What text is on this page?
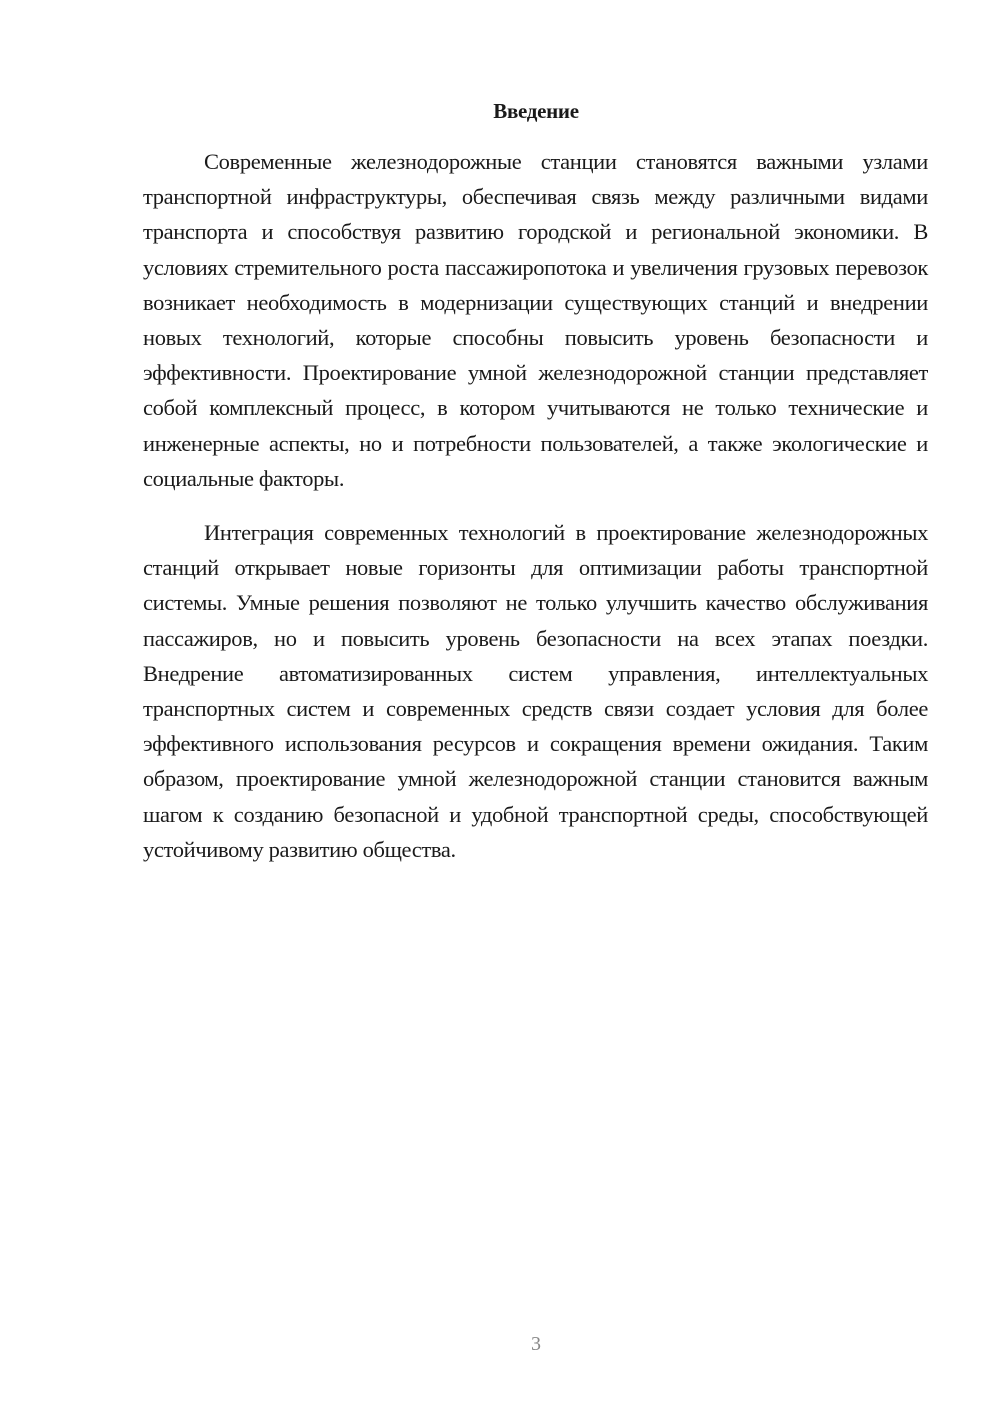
Введение

Современные железнодорожные станции становятся важными узлами транспортной инфраструктуры, обеспечивая связь между различными видами транспорта и способствуя развитию городской и региональной экономики. В условиях стремительного роста пассажиропотока и увеличения грузовых перевозок возникает необходимость в модернизации существующих станций и внедрении новых технологий, которые способны повысить уровень безопасности и эффективности. Проектирование умной железнодорожной станции представляет собой комплексный процесс, в котором учитываются не только технические и инженерные аспекты, но и потребности пользователей, а также экологические и социальные факторы.

Интеграция современных технологий в проектирование железнодорожных станций открывает новые горизонты для оптимизации работы транспортной системы. Умные решения позволяют не только улучшить качество обслуживания пассажиров, но и повысить уровень безопасности на всех этапах поездки. Внедрение автоматизированных систем управления, интеллектуальных транспортных систем и современных средств связи создает условия для более эффективного использования ресурсов и сокращения времени ожидания. Таким образом, проектирование умной железнодорожной станции становится важным шагом к созданию безопасной и удобной транспортной среды, способствующей устойчивому развитию общества.

3
